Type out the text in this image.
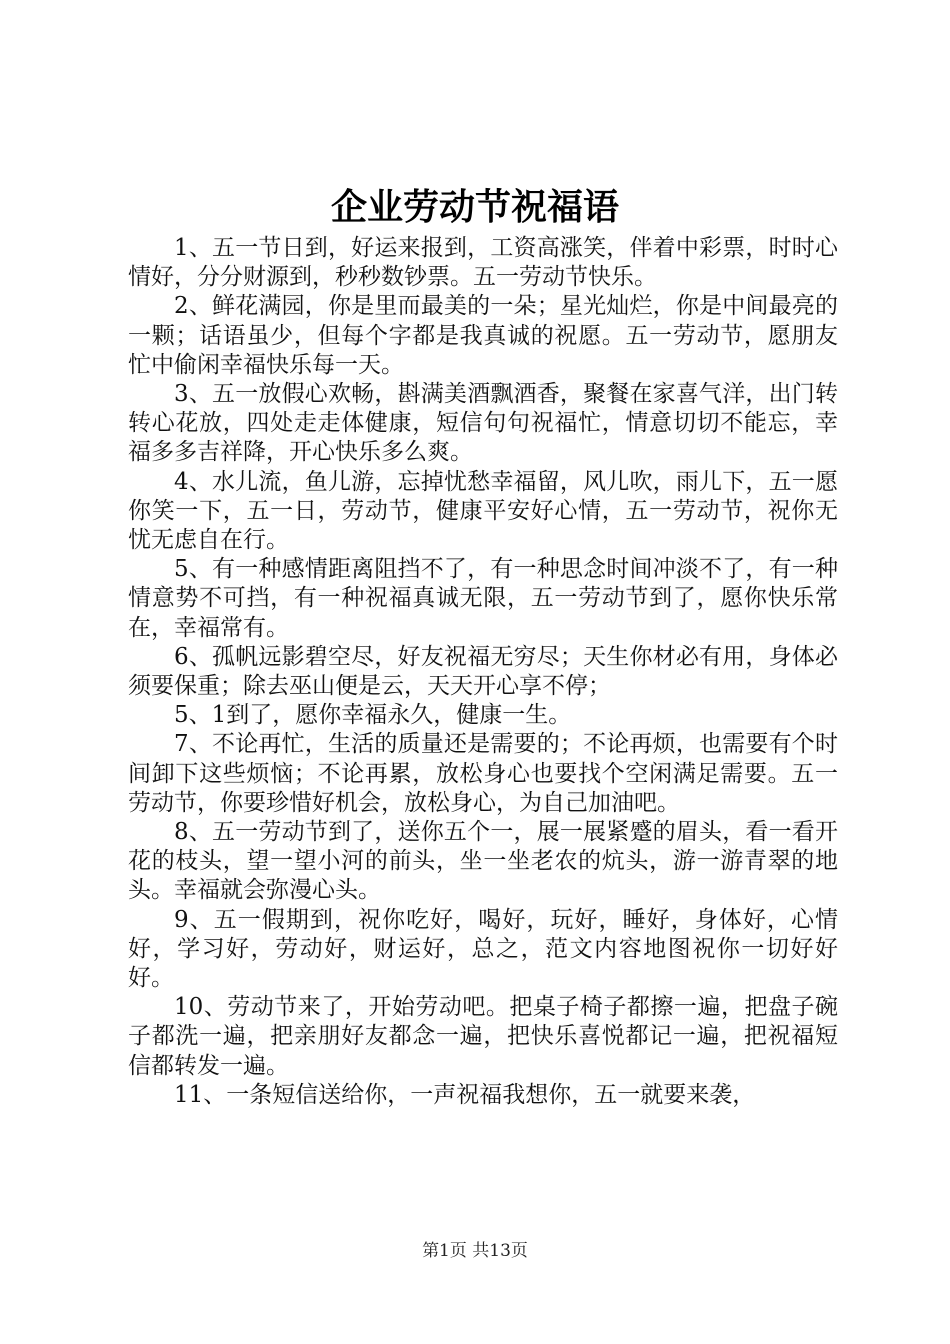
企业劳动节祝福语

1、五一节日到，好运来报到，工资高涨笑，伴着中彩票，时时心情好，分分财源到，秒秒数钞票。五一劳动节快乐。

2、鲜花满园，你是里而最美的一朵；星光灿烂，你是中间最亮的一颗；话语虽少，但每个字都是我真诚的祝愿。五一劳动节，愿朋友忙中偷闲幸福快乐每一天。

3、五一放假心欢畅，斟满美酒飘酒香，聚餐在家喜气洋，出门转转心花放，四处走走体健康，短信句句祝福忙，情意切切不能忘，幸福多多吉祥降，开心快乐多么爽。

4、水儿流，鱼儿游，忘掉忧愁幸福留，风儿吹，雨儿下，五一愿你笑一下，五一日，劳动节，健康平安好心情，五一劳动节，祝你无忧无虑自在行。

5、有一种感情距离阻挡不了，有一种思念时间冲淡不了，有一种情意势不可挡，有一种祝福真诚无限，五一劳动节到了，愿你快乐常在，幸福常有。

6、孤帆远影碧空尽，好友祝福无穷尽；天生你材必有用，身体必须要保重；除去巫山便是云，天天开心享不停；

5、1到了，愿你幸福永久，健康一生。

7、不论再忙，生活的质量还是需要的；不论再烦，也需要有个时间卸下这些烦恼；不论再累，放松身心也要找个空闲满足需要。五一劳动节，你要珍惜好机会，放松身心，为自己加油吧。

8、五一劳动节到了，送你五个一，展一展紧蹙的眉头，看一看开花的枝头，望一望小河的前头，坐一坐老农的炕头，游一游青翠的地头。幸福就会弥漫心头。

9、五一假期到，祝你吃好，喝好，玩好，睡好，身体好，心情好，学习好，劳动好，财运好，总之，范文内容地图祝你一切好好好。

10、劳动节来了，开始劳动吧。把桌子椅子都擦一遍，把盘子碗子都洗一遍，把亲朋好友都念一遍，把快乐喜悦都记一遍，把祝福短信都转发一遍。

11、一条短信送给你，一声祝福我想你，五一就要来袭，

第1页 共13页
